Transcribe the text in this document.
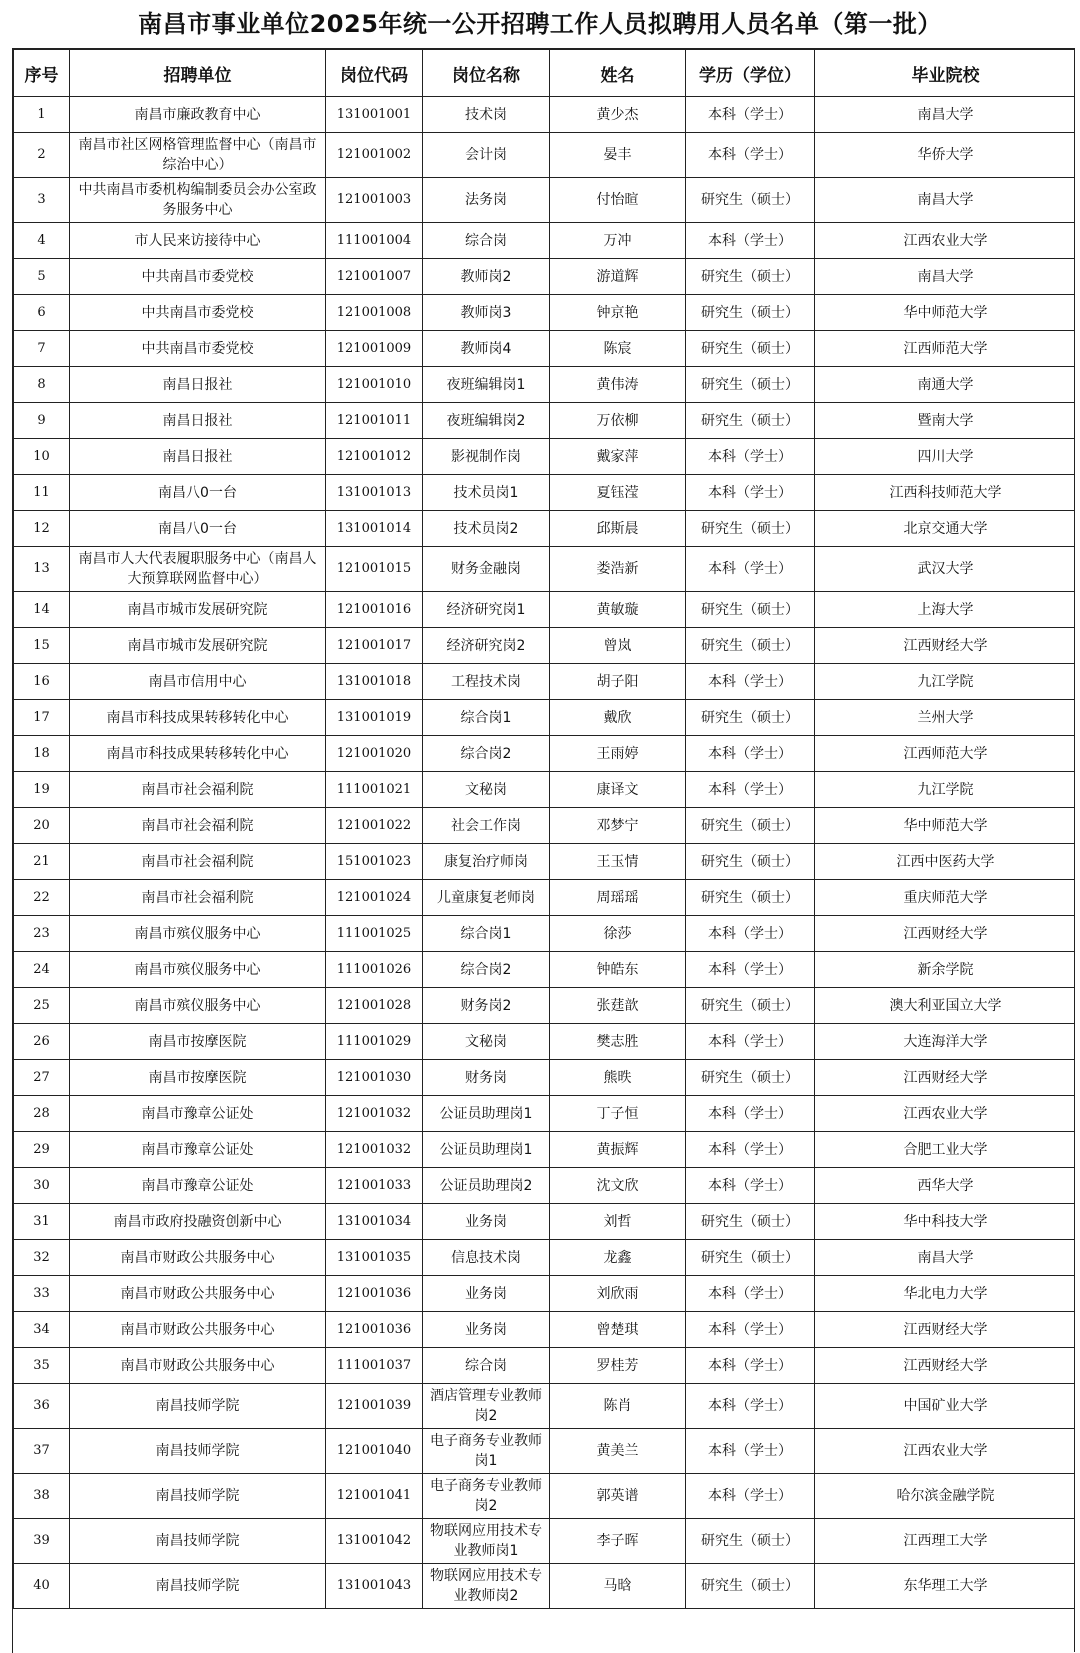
南昌市事业单位2025年统一公开招聘工作人员拟聘用人员名单（第一批）
序号	招聘单位	岗位代码	岗位名称	姓名	学历（学位）	毕业院校
1	南昌市廉政教育中心	131001001	技术岗	黄少杰	本科（学士）	南昌大学
2	南昌市社区网格管理监督中心（南昌市综治中心）	121001002	会计岗	晏丰	本科（学士）	华侨大学
3	中共南昌市委机构编制委员会办公室政务服务中心	121001003	法务岗	付怡暄	研究生（硕士）	南昌大学
4	市人民来访接待中心	111001004	综合岗	万冲	本科（学士）	江西农业大学
5	中共南昌市委党校	121001007	教师岗2	游道辉	研究生（硕士）	南昌大学
6	中共南昌市委党校	121001008	教师岗3	钟京艳	研究生（硕士）	华中师范大学
7	中共南昌市委党校	121001009	教师岗4	陈宸	研究生（硕士）	江西师范大学
8	南昌日报社	121001010	夜班编辑岗1	黄伟涛	研究生（硕士）	南通大学
9	南昌日报社	121001011	夜班编辑岗2	万依柳	研究生（硕士）	暨南大学
10	南昌日报社	121001012	影视制作岗	戴家萍	本科（学士）	四川大学
11	南昌八0一台	131001013	技术员岗1	夏钰滢	本科（学士）	江西科技师范大学
12	南昌八0一台	131001014	技术员岗2	邱斯晨	研究生（硕士）	北京交通大学
13	南昌市人大代表履职服务中心（南昌人大预算联网监督中心）	121001015	财务金融岗	娄浩新	本科（学士）	武汉大学
14	南昌市城市发展研究院	121001016	经济研究岗1	黄敏璇	研究生（硕士）	上海大学
15	南昌市城市发展研究院	121001017	经济研究岗2	曾岚	研究生（硕士）	江西财经大学
16	南昌市信用中心	131001018	工程技术岗	胡子阳	本科（学士）	九江学院
17	南昌市科技成果转移转化中心	131001019	综合岗1	戴欣	研究生（硕士）	兰州大学
18	南昌市科技成果转移转化中心	121001020	综合岗2	王雨婷	本科（学士）	江西师范大学
19	南昌市社会福利院	111001021	文秘岗	康译文	本科（学士）	九江学院
20	南昌市社会福利院	121001022	社会工作岗	邓梦宁	研究生（硕士）	华中师范大学
21	南昌市社会福利院	151001023	康复治疗师岗	王玉情	研究生（硕士）	江西中医药大学
22	南昌市社会福利院	121001024	儿童康复老师岗	周瑶瑶	研究生（硕士）	重庆师范大学
23	南昌市殡仪服务中心	111001025	综合岗1	徐莎	本科（学士）	江西财经大学
24	南昌市殡仪服务中心	111001026	综合岗2	钟皓东	本科（学士）	新余学院
25	南昌市殡仪服务中心	121001028	财务岗2	张莛歆	研究生（硕士）	澳大利亚国立大学
26	南昌市按摩医院	111001029	文秘岗	樊志胜	本科（学士）	大连海洋大学
27	南昌市按摩医院	121001030	财务岗	熊昳	研究生（硕士）	江西财经大学
28	南昌市豫章公证处	121001032	公证员助理岗1	丁子恒	本科（学士）	江西农业大学
29	南昌市豫章公证处	121001032	公证员助理岗1	黄振辉	本科（学士）	合肥工业大学
30	南昌市豫章公证处	121001033	公证员助理岗2	沈文欣	本科（学士）	西华大学
31	南昌市政府投融资创新中心	131001034	业务岗	刘哲	研究生（硕士）	华中科技大学
32	南昌市财政公共服务中心	131001035	信息技术岗	龙鑫	研究生（硕士）	南昌大学
33	南昌市财政公共服务中心	121001036	业务岗	刘欣雨	本科（学士）	华北电力大学
34	南昌市财政公共服务中心	121001036	业务岗	曾楚琪	本科（学士）	江西财经大学
35	南昌市财政公共服务中心	111001037	综合岗	罗桂芳	本科（学士）	江西财经大学
36	南昌技师学院	121001039	酒店管理专业教师岗2	陈肖	本科（学士）	中国矿业大学
37	南昌技师学院	121001040	电子商务专业教师岗1	黄美兰	本科（学士）	江西农业大学
38	南昌技师学院	121001041	电子商务专业教师岗2	郭英谱	本科（学士）	哈尔滨金融学院
39	南昌技师学院	131001042	物联网应用技术专业教师岗1	李子晖	研究生（硕士）	江西理工大学
40	南昌技师学院	131001043	物联网应用技术专业教师岗2	马晗	研究生（硕士）	东华理工大学
